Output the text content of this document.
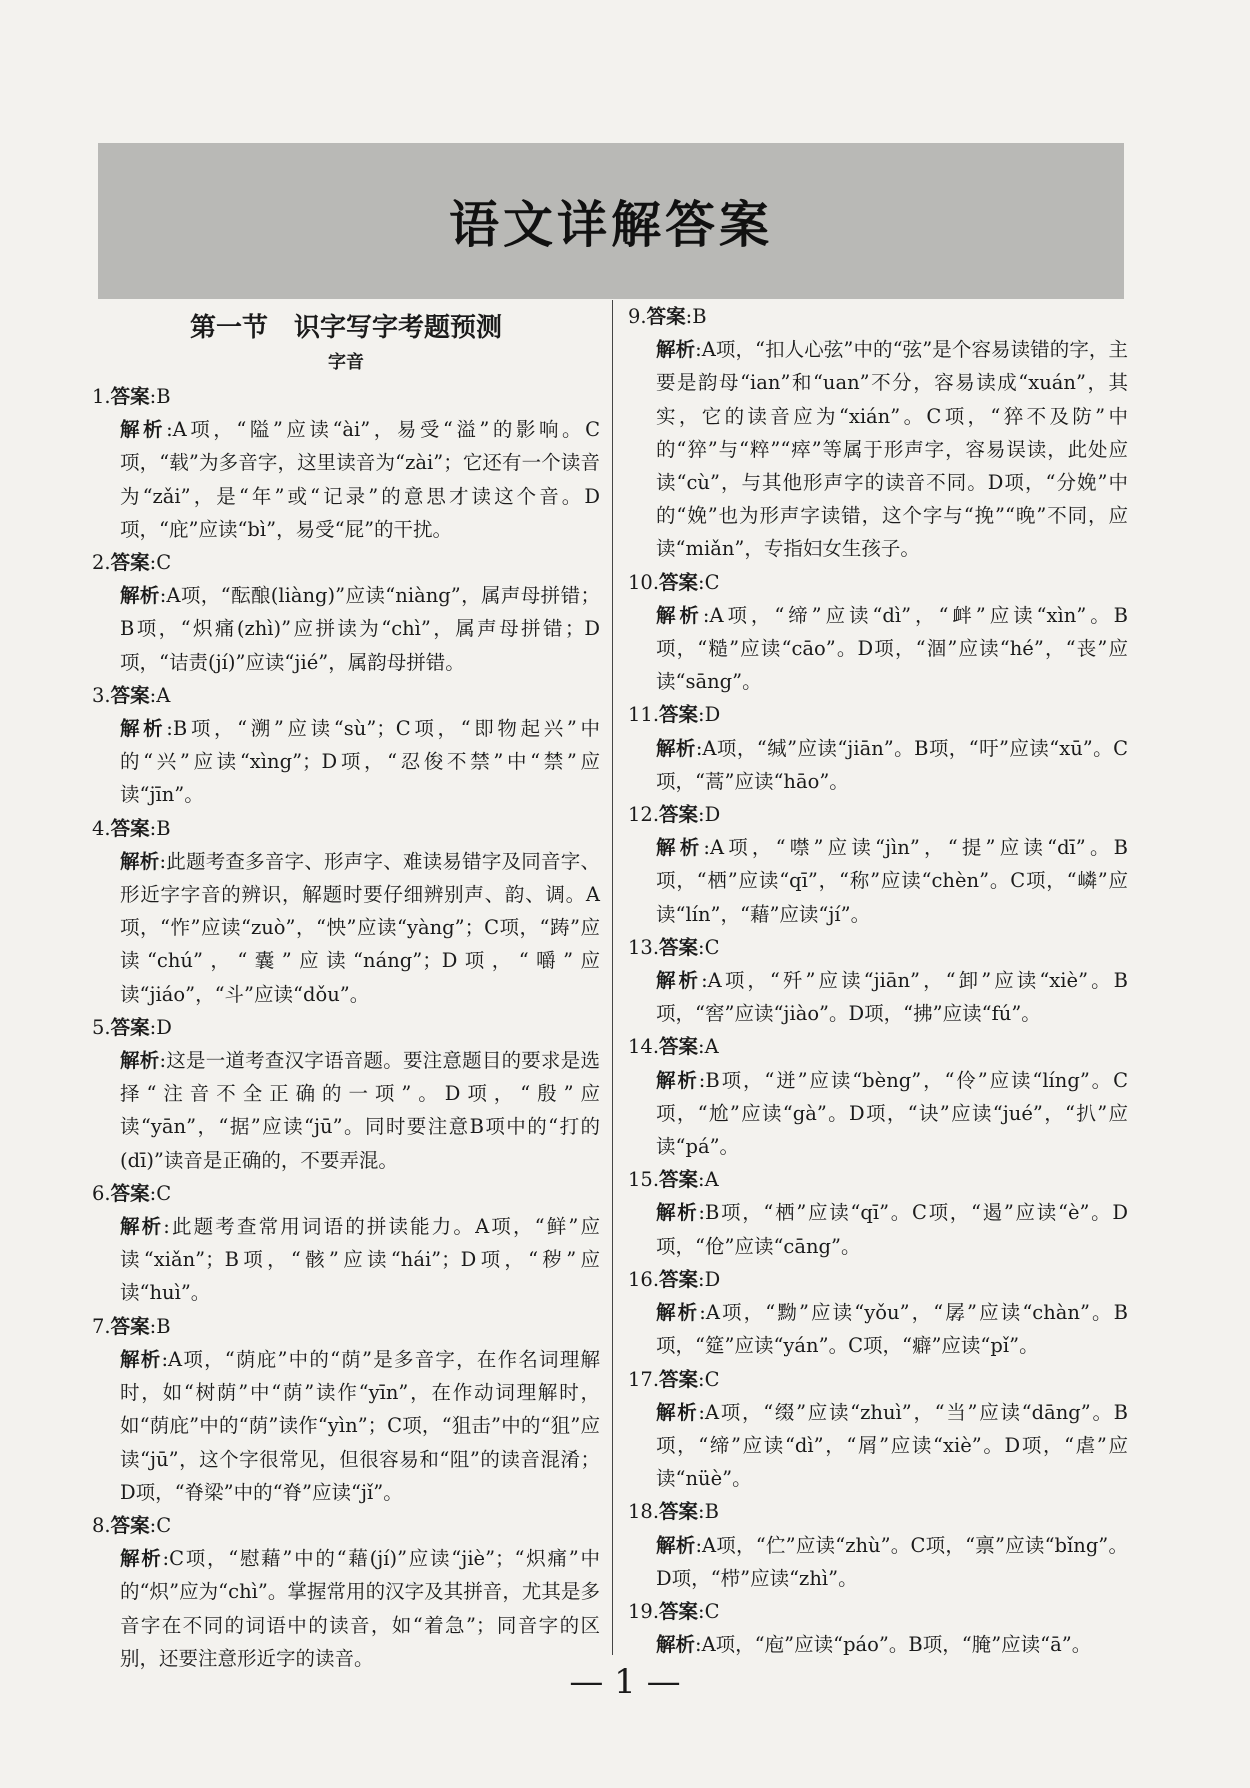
语文详解答案
第一节　识字写字考题预测
字音

1.答案:B

解析:A项，“隘”应读“ài”，易受“溢”的影响。C项，“载”为多音字，这里读音为“zài”；它还有一个读音为“zǎi”，是“年”或“记录”的意思才读这个音。D项，“庇”应读“bì”，易受“屁”的干扰。

2.答案:C

解析:A项，“酝酿(liàng)”应读“niàng”，属声母拼错；B项，“炽痛(zhì)”应拼读为“chì”，属声母拼错；D项，“诘责(jí)”应读“jié”，属韵母拼错。

3.答案:A

解析:B项，“溯”应读“sù”；C项，“即物起兴”中的“兴”应读“xìng”；D项，“忍俊不禁”中“禁”应读“jīn”。

4.答案:B

解析:此题考查多音字、形声字、难读易错字及同音字、形近字字音的辨识，解题时要仔细辨别声、韵、调。A项，“怍”应读“zuò”，“怏”应读“yàng”；C项，“踌”应读“chú”，“囊”应读“náng”；D项，“嚼”应读“jiáo”，“斗”应读“dǒu”。

5.答案:D

解析:这是一道考查汉字语音题。要注意题目的要求是选择“注音不全正确的一项”。D项，“殷”应读“yān”，“据”应读“jū”。同时要注意B项中的“打的(dī)”读音是正确的，不要弄混。

6.答案:C

解析:此题考查常用词语的拼读能力。A项，“鲜”应读“xiǎn”；B项，“骸”应读“hái”；D项，“秽”应读“huì”。

7.答案:B

解析:A项，“荫庇”中的“荫”是多音字，在作名词理解时，如“树荫”中“荫”读作“yīn”，在作动词理解时，如“荫庇”中的“荫”读作“yìn”；C项，“狙击”中的“狙”应读“jū”，这个字很常见，但很容易和“阻”的读音混淆；D项，“脊梁”中的“脊”应读“jǐ”。

8.答案:C

解析:C项，“慰藉”中的“藉(jí)”应读“jiè”；“炽痛”中的“炽”应为“chì”。掌握常用的汉字及其拼音，尤其是多音字在不同的词语中的读音，如“着急”；同音字的区别，还要注意形近字的读音。

9.答案:B

解析:A项，“扣人心弦”中的“弦”是个容易读错的字，主要是韵母“ian”和“uan”不分，容易读成“xuán”，其实，它的读音应为“xián”。C项，“猝不及防”中的“猝”与“粹”“瘁”等属于形声字，容易误读，此处应读“cù”，与其他形声字的读音不同。D项，“分娩”中的“娩”也为形声字读错，这个字与“挽”“晚”不同，应读“miǎn”，专指妇女生孩子。

10.答案:C

解析:A项，“缔”应读“dì”，“衅”应读“xìn”。B项，“糙”应读“cāo”。D项，“涸”应读“hé”，“丧”应读“sāng”。

11.答案:D

解析:A项，“缄”应读“jiān”。B项，“吁”应读“xū”。C项，“蒿”应读“hāo”。

12.答案:D

解析:A项，“噤”应读“jìn”，“提”应读“dī”。B项，“栖”应读“qī”，“称”应读“chèn”。C项，“嶙”应读“lín”，“藉”应读“jí”。

13.答案:C

解析:A项，“歼”应读“jiān”，“卸”应读“xiè”。B项，“窖”应读“jiào”。D项，“拂”应读“fú”。

14.答案:A

解析:B项，“迸”应读“bèng”，“伶”应读“líng”。C项，“尬”应读“gà”。D项，“诀”应读“jué”，“扒”应读“pá”。

15.答案:A

解析:B项，“栖”应读“qī”。C项，“遏”应读“è”。D项，“伧”应读“cāng”。

16.答案:D

解析:A项，“黝”应读“yǒu”，“孱”应读“chàn”。B项，“筵”应读“yán”。C项，“癖”应读“pǐ”。

17.答案:C

解析:A项，“缀”应读“zhuì”，“当”应读“dāng”。B项，“缔”应读“dì”，“屑”应读“xiè”。D项，“虐”应读“nüè”。

18.答案:B

解析:A项，“伫”应读“zhù”。C项，“禀”应读“bǐng”。D项，“栉”应读“zhì”。

19.答案:C

解析:A项，“庖”应读“páo”。B项，“腌”应读“ā”。

— 1 —
